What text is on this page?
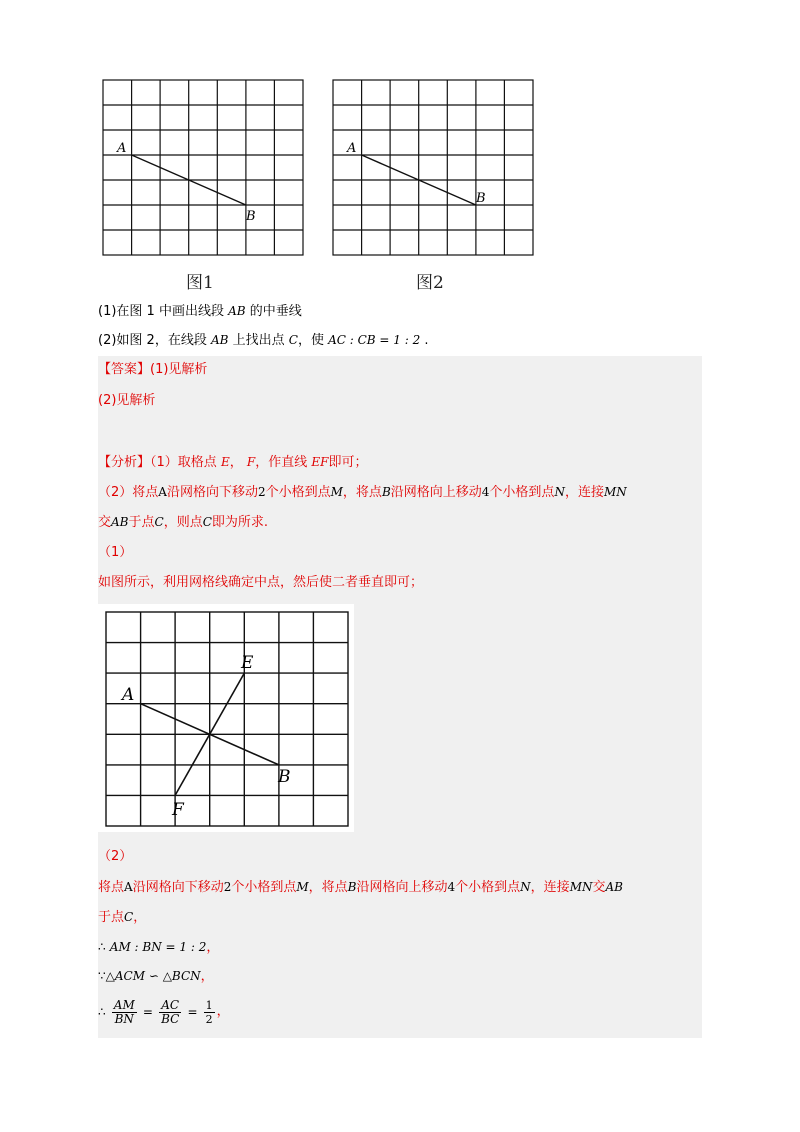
A
B
图1
A
B
图2
(1)在图 1 中画出线段 AB 的中垂线
(2)如图 2，在线段 AB 上找出点 C，使 AC : CB = 1 : 2 .
【答案】(1)见解析
(2)见解析
【分析】（1）取格点 E， F，作直线 EF即可；
（2）将点A沿网格向下移动2个小格到点M，将点B沿网格向上移动4个小格到点N，连接MN
交AB于点C，则点C即为所求.
（1）
如图所示，利用网格线确定中点，然后使二者垂直即可；
A
B
E
F
（2）
将点A沿网格向下移动2个小格到点M，将点B沿网格向上移动4个小格到点N，连接MN交AB
于点C，
∴ AM : BN = 1 : 2，
∵△ACM ∽ △BCN，
∴ $\frac{AM}{BN} = \frac{AC}{BC} = \frac{1}{2}$ ，
